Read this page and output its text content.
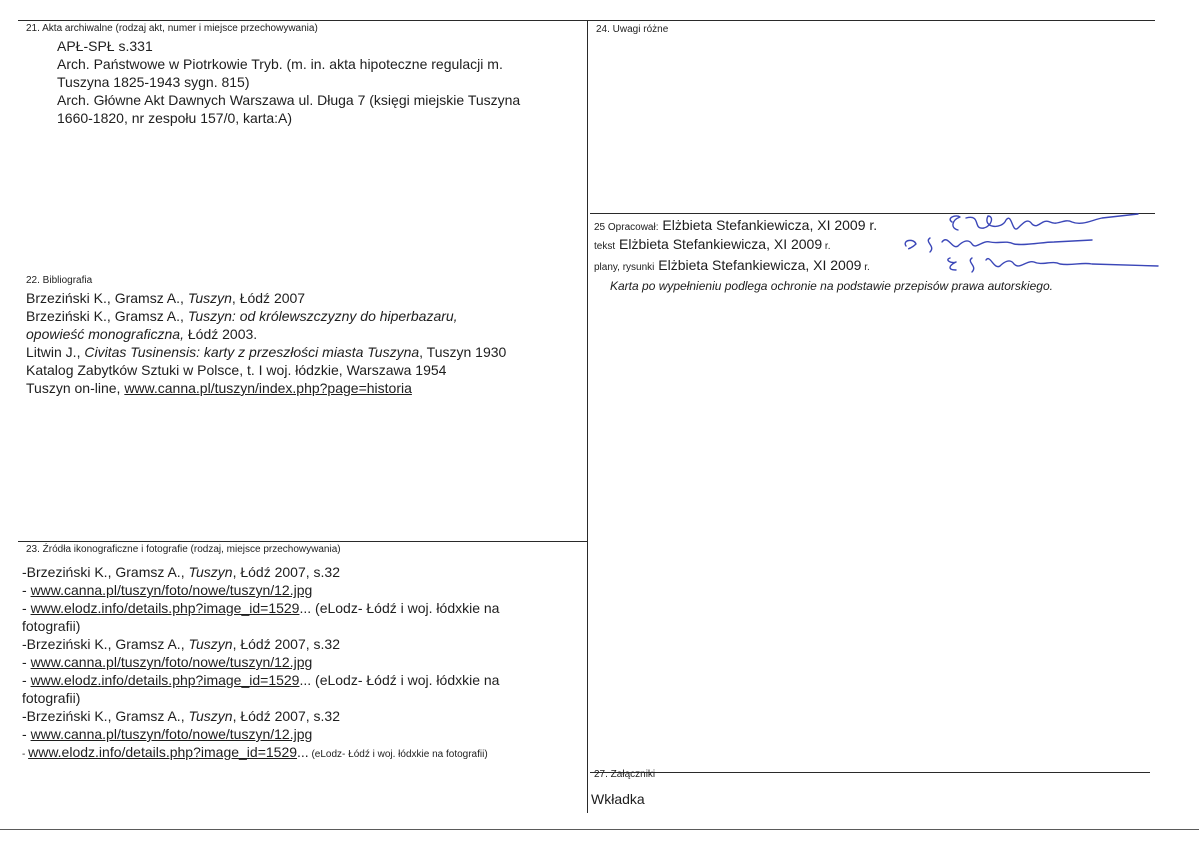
21. Akta archiwalne (rodzaj akt, numer i miejsce przechowywania)
APŁ-SPŁ s.331
Arch. Państwowe w Piotrkowie Tryb. (m. in. akta hipoteczne regulacji m.
Tuszyna 1825-1943 sygn. 815)
Arch. Główne Akt Dawnych Warszawa ul. Długa 7 (księgi miejskie Tuszyna
1660-1820, nr zespołu 157/0, karta:A)
24. Uwagi różne
25 Opracował: Elżbieta Stefankiewicza, XI 2009 r.
tekst Elżbieta Stefankiewicza, XI 2009 r.
plany, rysunki Elżbieta Stefankiewicza, XI 2009 r.
Karta po wypełnieniu podlega ochronie na podstawie przepisów prawa autorskiego.
22. Bibliografia
Brzeziński K., Gramsz A., Tuszyn, Łódź 2007
Brzeziński K., Gramsz A., Tuszyn: od królewszczyzny do hiperbazaru,
opowieść monograficzna, Łódź 2003.
Litwin J., Civitas Tusinensis: karty z przeszłości miasta Tuszyna, Tuszyn 1930
Katalog Zabytków Sztuki w Polsce, t. I woj. łódzkie, Warszawa 1954
Tuszyn on-line, www.canna.pl/tuszyn/index.php?page=historia
23. Źródła ikonograficzne i fotografie (rodzaj, miejsce przechowywania)
-Brzeziński K., Gramsz A., Tuszyn, Łódź 2007, s.32
- www.canna.pl/tuszyn/foto/nowe/tuszyn/12.jpg
- www.elodz.info/details.php?image_id=1529... (eLodz- Łódź i woj. łódxkie na
fotografii)
-Brzeziński K., Gramsz A., Tuszyn, Łódź 2007, s.32
- www.canna.pl/tuszyn/foto/nowe/tuszyn/12.jpg
- www.elodz.info/details.php?image_id=1529... (eLodz- Łódź i woj. łódxkie na
fotografii)
-Brzeziński K., Gramsz A., Tuszyn, Łódź 2007, s.32
- www.canna.pl/tuszyn/foto/nowe/tuszyn/12.jpg
- www.elodz.info/details.php?image_id=1529... (eLodz- Łódź i woj. łódxkie na fotografii)
27. Załączniki
Wkładka
